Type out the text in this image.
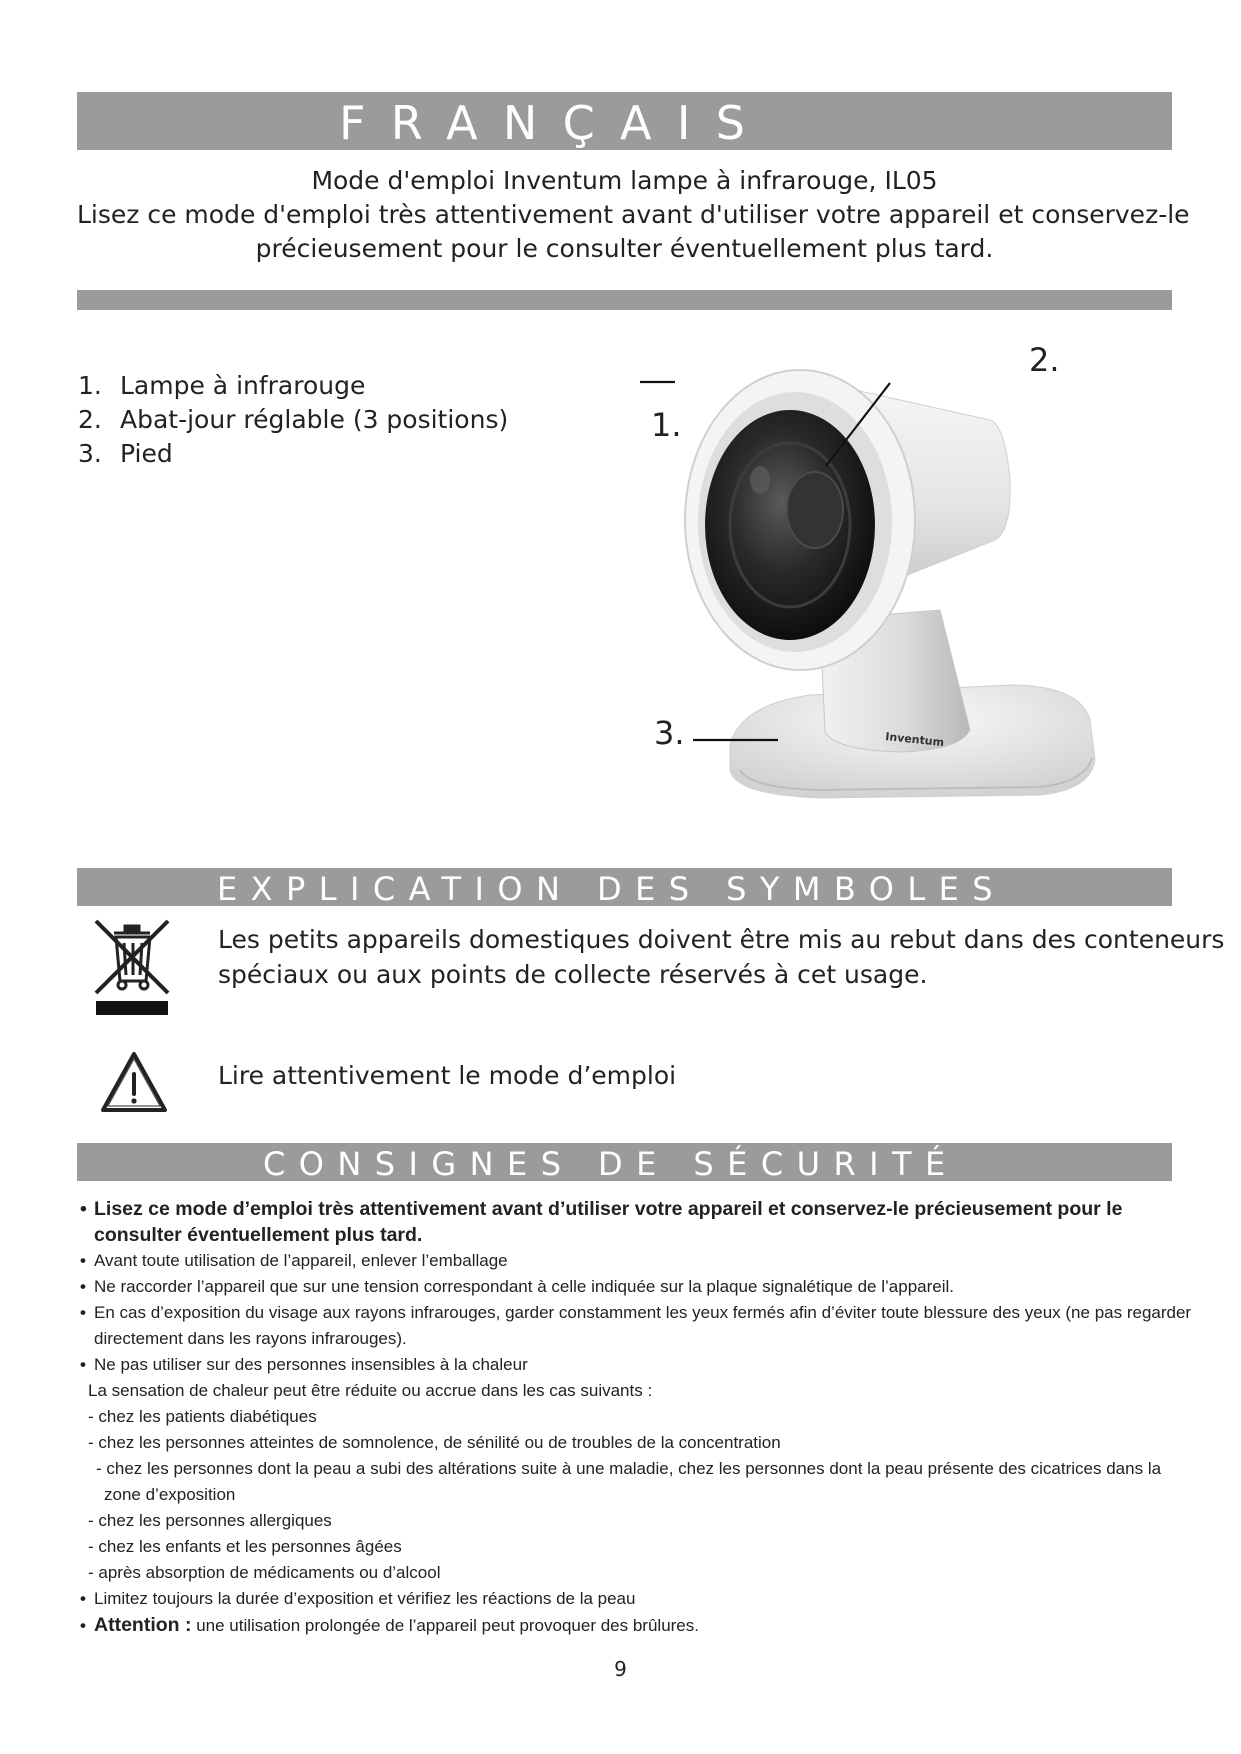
FRANÇAIS
Mode d'emploi Inventum lampe à infrarouge, IL05
Lisez ce mode d'emploi très attentivement avant d'utiliser votre appareil et conservez-le
précieusement pour le consulter éventuellement plus tard.
1. Lampe à infrarouge
2. Abat-jour réglable (3 positions)
3. Pied
Inventum
1.
2.
3.
EXPLICATION DES SYMBOLES
Les petits appareils domestiques doivent être mis au rebut dans des conteneurs
spéciaux ou aux points de collecte réservés à cet usage.
Lire attentivement le mode d’emploi
CONSIGNES DE SÉCURITÉ
• Lisez ce mode d’emploi très attentivement avant d’utiliser votre appareil et conservez-le précieusement pour le
consulter éventuellement plus tard.
• Avant toute utilisation de l’appareil, enlever l’emballage
• Ne raccorder l’appareil que sur une tension correspondant à celle indiquée sur la plaque signalétique de l’appareil.
• En cas d’exposition du visage aux rayons infrarouges, garder constamment les yeux fermés afin d’éviter toute blessure des yeux (ne pas regarder
directement dans les rayons infrarouges).
• Ne pas utiliser sur des personnes insensibles à la chaleur
La sensation de chaleur peut être réduite ou accrue dans les cas suivants :
- chez les patients diabétiques
- chez les personnes atteintes de somnolence, de sénilité ou de troubles de la concentration
- chez les personnes dont la peau a subi des altérations suite à une maladie, chez les personnes dont la peau présente des cicatrices dans la
zone d’exposition
- chez les personnes allergiques
- chez les enfants et les personnes âgées
- après absorption de médicaments ou d’alcool
• Limitez toujours la durée d’exposition et vérifiez les réactions de la peau
• Attention : une utilisation prolongée de l’appareil peut provoquer des brûlures.
9
